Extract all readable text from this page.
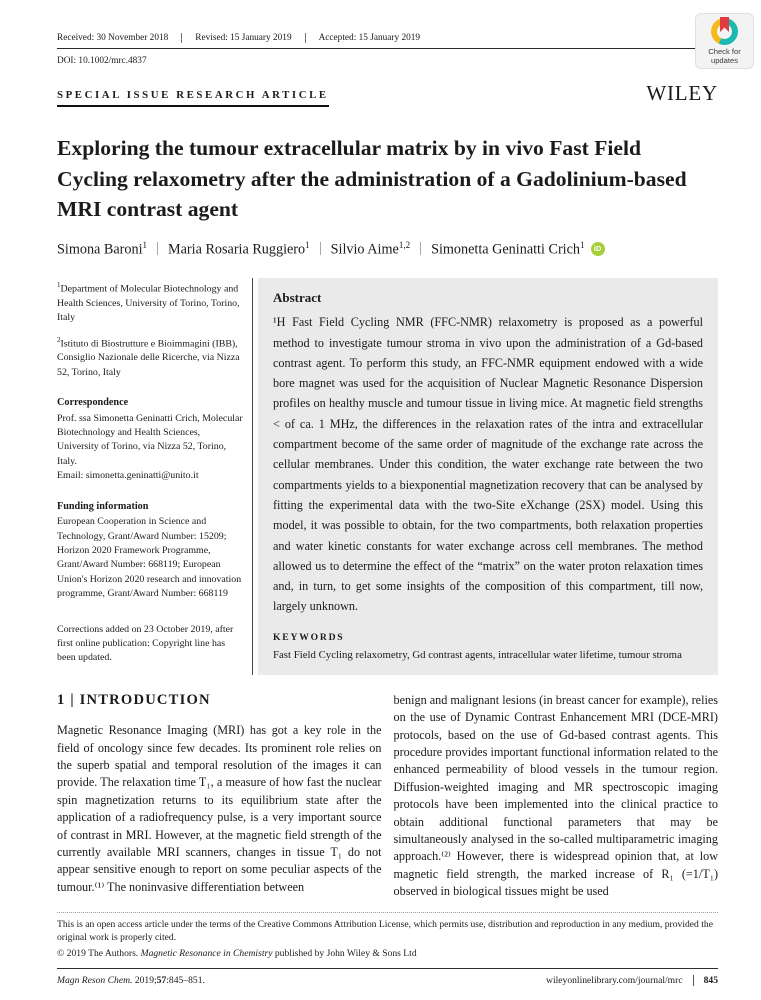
Check for
updates
Received: 30 November 2018	Revised: 15 January 2019	Accepted: 15 January 2019
DOI: 10.1002/mrc.4837
SPECIAL ISSUE RESEARCH ARTICLE	WILEY
Exploring the tumour extracellular matrix by in vivo Fast Field Cycling relaxometry after the administration of a Gadolinium-based MRI contrast agent
Simona Baroni$^1$ Maria Rosaria Ruggiero$^1$ Silvio Aime$^{1,2}$ Simonetta Geninatti Crich$^1$	iD
$^1$Department of Molecular Biotechnology and Health Sciences, University of Torino, Torino, Italy
$^2$Istituto di Biostrutture e Bioimmagini (IBB), Consiglio Nazionale delle Ricerche, via Nizza 52, Torino, Italy
Correspondence
Prof. ssa Simonetta Geninatti Crich, Molecular Biotechnology and Health Sciences, University of Torino, via Nizza 52, Torino, Italy.
Email: simonetta.geninatti@unito.it
Funding information
European Cooperation in Science and Technology, Grant/Award Number: 15209; Horizon 2020 Framework Programme, Grant/Award Number: 668119; European Union's Horizon 2020 research and innovation programme, Grant/Award Number: 668119
Corrections added on 23 October 2019, after first online publication: Copyright line has been updated.
Abstract
¹H Fast Field Cycling NMR (FFC-NMR) relaxometry is proposed as a powerful method to investigate tumour stroma in vivo upon the administration of a Gd-based contrast agent. To perform this study, an FFC-NMR equipment endowed with a wide bore magnet was used for the acquisition of Nuclear Magnetic Resonance Dispersion profiles on healthy muscle and tumour tissue in living mice. At magnetic field strengths < of ca. 1 MHz, the differences in the relaxation rates of the intra and extracellular compartment become of the same order of magnitude of the exchange rate across the cellular membranes. Under this condition, the water exchange rate between the two compartments yields to a biexponential magnetization recovery that can be analysed by fitting the experimental data with the two-Site eXchange (2SX) model. Using this model, it was possible to obtain, for the two compartments, both relaxation properties and water kinetic constants for water exchange across cell membranes. The method allowed us to determine the effect of the “matrix” on the water proton relaxation times and, in turn, to get some insights of the composition of this compartment, till now, largely unknown.
KEYWORDS
Fast Field Cycling relaxometry, Gd contrast agents, intracellular water lifetime, tumour stroma
1 | INTRODUCTION
Magnetic Resonance Imaging (MRI) has got a key role in the field of oncology since few decades. Its prominent role relies on the superb spatial and temporal resolution of the images it can provide. The relaxation time T₁, a measure of how fast the nuclear spin magnetization returns to its equilibrium state after the application of a radiofrequency pulse, is a very important source of contrast in MRI. However, at the magnetic field strength of the currently available MRI scanners, changes in tissue T₁ do not appear sensitive enough to report on some peculiar aspects of the tumour.⁽¹⁾ The noninvasive differentiation between
benign and malignant lesions (in breast cancer for example), relies on the use of Dynamic Contrast Enhancement MRI (DCE-MRI) protocols, based on the use of Gd-based contrast agents. This procedure provides important functional information related to the enhanced permeability of blood vessels in the tumour region. Diffusion-weighted imaging and MR spectroscopic imaging protocols have been implemented into the clinical practice to obtain additional functional parameters that may be simultaneously analysed in the so-called multiparametric imaging approach.⁽²⁾ However, there is widespread opinion that, at low magnetic field strength, the marked increase of R₁ (=1/T₁) observed in biological tissues might be used
This is an open access article under the terms of the Creative Commons Attribution License, which permits use, distribution and reproduction in any medium, provided the original work is properly cited.
© 2019 The Authors. Magnetic Resonance in Chemistry published by John Wiley & Sons Ltd
Magn Reson Chem. 2019;57:845–851.	wileyonlinelibrary.com/journal/mrc	845
